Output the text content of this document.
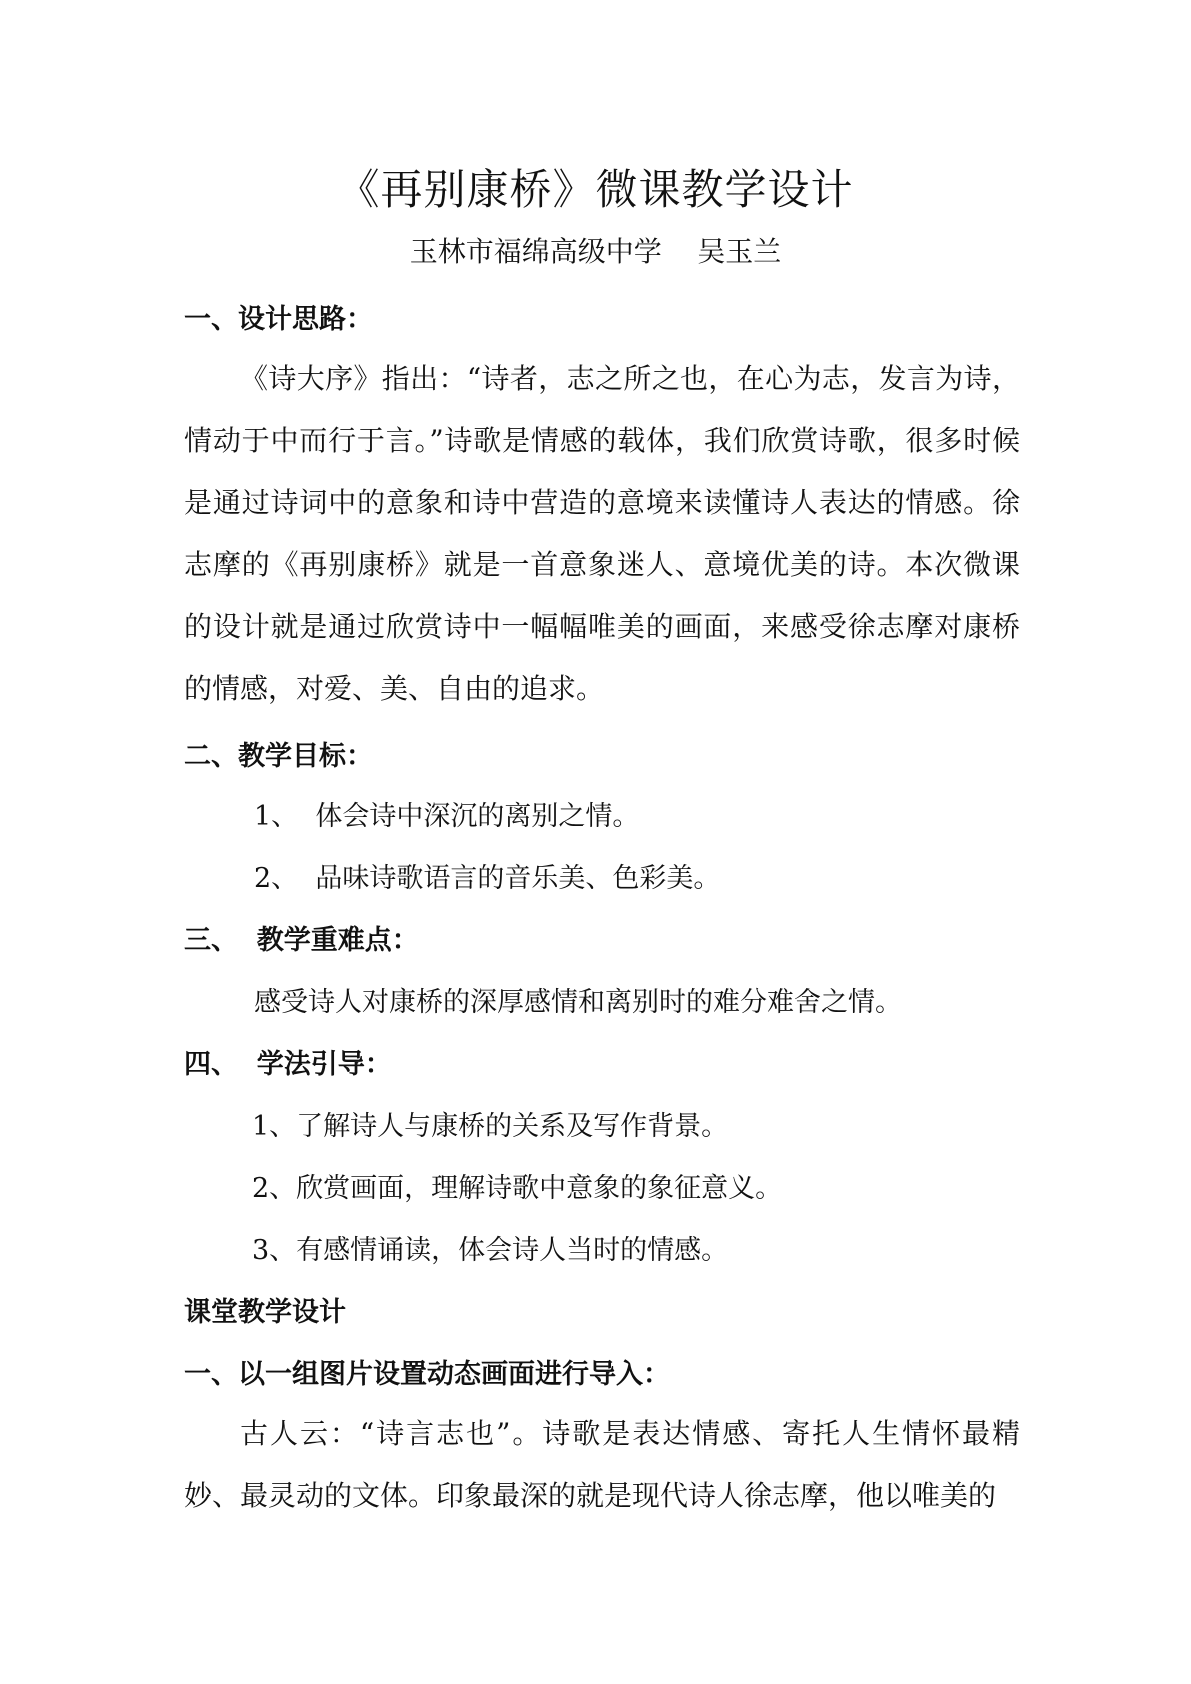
《再别康桥》微课教学设计
玉林市福绵高级中学    吴玉兰
一、设计思路：
《诗大序》指出：“诗者，志之所之也，在心为志，发言为诗，情动于中而行于言。”诗歌是情感的载体，我们欣赏诗歌，很多时候是通过诗词中的意象和诗中营造的意境来读懂诗人表达的情感。徐志摩的《再别康桥》就是一首意象迷人、意境优美的诗。本次微课的设计就是通过欣赏诗中一幅幅唯美的画面，来感受徐志摩对康桥的情感，对爱、美、自由的追求。
二、教学目标：
1、  体会诗中深沉的离别之情。
2、  品味诗歌语言的音乐美、色彩美。
三、  教学重难点：
感受诗人对康桥的深厚感情和离别时的难分难舍之情。
四、  学法引导：
1、了解诗人与康桥的关系及写作背景。
2、欣赏画面，理解诗歌中意象的象征意义。
3、有感情诵读，体会诗人当时的情感。
课堂教学设计
一、以一组图片设置动态画面进行导入：
古人云：“诗言志也”。诗歌是表达情感、寄托人生情怀最精妙、最灵动的文体。印象最深的就是现代诗人徐志摩，他以唯美的
